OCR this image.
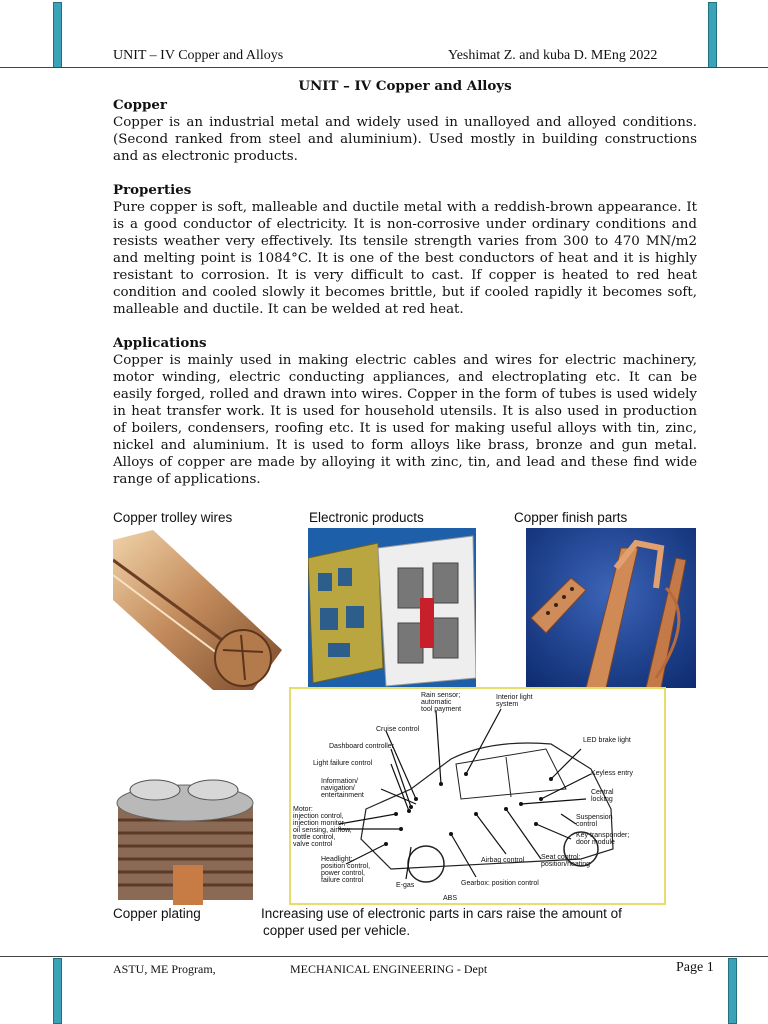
UNIT – IV Copper and Alloys	Yeshimat Z. and kuba D. MEng 2022
UNIT – IV Copper and Alloys
Copper

Copper is an industrial metal and widely used in unalloyed and alloyed conditions. (Second ranked from steel and aluminium). Used mostly in building constructions and as electronic products.

Properties

Pure copper is soft, malleable and ductile metal with a reddish-brown appearance. It is a good conductor of electricity. It is non-corrosive under ordinary conditions and resists weather very effectively. Its tensile strength varies from 300 to 470 MN/m2 and melting point is 1084°C. It is one of the best conductors of heat and it is highly resistant to corrosion. It is very difficult to cast. If copper is heated to red heat condition and cooled slowly it becomes brittle, but if cooled rapidly it becomes soft, malleable and ductile. It can be welded at red heat.

Applications

Copper is mainly used in making electric cables and wires for electric machinery, motor winding, electric conducting appliances, and electroplating etc. It can be easily forged, rolled and drawn into wires. Copper in the form of tubes is used widely in heat transfer work. It is used for household utensils. It is also used in production of boilers, condensers, roofing etc. It is used for making useful alloys with tin, zinc, nickel and aluminium. It is used to form alloys like brass, bronze and gun metal. Alloys of copper are made by alloying it with zinc, tin, and lead and these find wide range of applications.

Copper trolley wires	Electronic products	Copper finish parts
Rain sensor;
automatic
tool payment
Interior light
system
Cruise control
Dashboard controller
Light failure control
Information/
navigation/
entertainment
Motor:
injection control,
injection monitor,
oil sensing, airflow,
trottle control,
valve control
Headlight:
position control,
power control,
failure control
E-gas
ABS
Gearbox: position control
Airbag control Seat control:
position/heating
Key transponder;
door module
Suspension
control
Central
locking
Keyless entry
LED brake light
Copper plating	Increasing use of electronic parts in cars raise the amount of
copper used per vehicle.
ASTU, ME Program,	MECHANICAL ENGINEERING - Dept	Page 1
